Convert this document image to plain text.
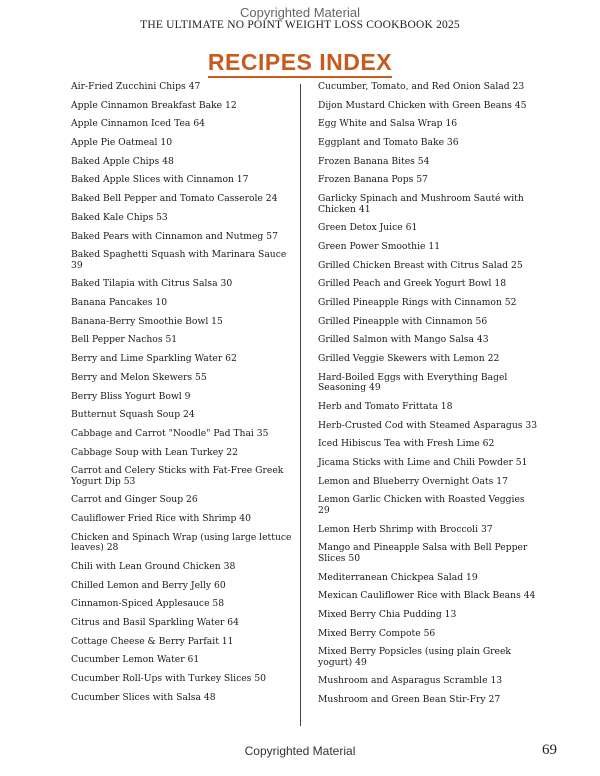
Copyrighted Material
THE ULTIMATE NO POINT WEIGHT LOSS COOKBOOK 2025
RECIPES INDEX
Air-Fried Zucchini Chips 47
Apple Cinnamon Breakfast Bake 12
Apple Cinnamon Iced Tea 64
Apple Pie Oatmeal 10
Baked Apple Chips 48
Baked Apple Slices with Cinnamon 17
Baked Bell Pepper and Tomato Casserole 24
Baked Kale Chips 53
Baked Pears with Cinnamon and Nutmeg 57
Baked Spaghetti Squash with Marinara Sauce 39
Baked Tilapia with Citrus Salsa 30
Banana Pancakes 10
Banana-Berry Smoothie Bowl 15
Bell Pepper Nachos 51
Berry and Lime Sparkling Water 62
Berry and Melon Skewers 55
Berry Bliss Yogurt Bowl 9
Butternut Squash Soup 24
Cabbage and Carrot "Noodle" Pad Thai 35
Cabbage Soup with Lean Turkey 22
Carrot and Celery Sticks with Fat-Free Greek Yogurt Dip 53
Carrot and Ginger Soup 26
Cauliflower Fried Rice with Shrimp 40
Chicken and Spinach Wrap (using large lettuce leaves) 28
Chili with Lean Ground Chicken 38
Chilled Lemon and Berry Jelly 60
Cinnamon-Spiced Applesauce 58
Citrus and Basil Sparkling Water 64
Cottage Cheese & Berry Parfait 11
Cucumber Lemon Water 61
Cucumber Roll-Ups with Turkey Slices 50
Cucumber Slices with Salsa 48
Cucumber, Tomato, and Red Onion Salad 23
Dijon Mustard Chicken with Green Beans 45
Egg White and Salsa Wrap 16
Eggplant and Tomato Bake 36
Frozen Banana Bites 54
Frozen Banana Pops 57
Garlicky Spinach and Mushroom Sauté with Chicken 41
Green Detox Juice 61
Green Power Smoothie 11
Grilled Chicken Breast with Citrus Salad 25
Grilled Peach and Greek Yogurt Bowl 18
Grilled Pineapple Rings with Cinnamon 52
Grilled Pineapple with Cinnamon 56
Grilled Salmon with Mango Salsa 43
Grilled Veggie Skewers with Lemon 22
Hard-Boiled Eggs with Everything Bagel Seasoning 49
Herb and Tomato Frittata 18
Herb-Crusted Cod with Steamed Asparagus 33
Iced Hibiscus Tea with Fresh Lime 62
Jicama Sticks with Lime and Chili Powder 51
Lemon and Blueberry Overnight Oats 17
Lemon Garlic Chicken with Roasted Veggies 29
Lemon Herb Shrimp with Broccoli 37
Mango and Pineapple Salsa with Bell Pepper Slices 50
Mediterranean Chickpea Salad 19
Mexican Cauliflower Rice with Black Beans 44
Mixed Berry Chia Pudding 13
Mixed Berry Compote 56
Mixed Berry Popsicles (using plain Greek yogurt) 49
Mushroom and Asparagus Scramble 13
Mushroom and Green Bean Stir-Fry 27
Copyrighted Material	69
